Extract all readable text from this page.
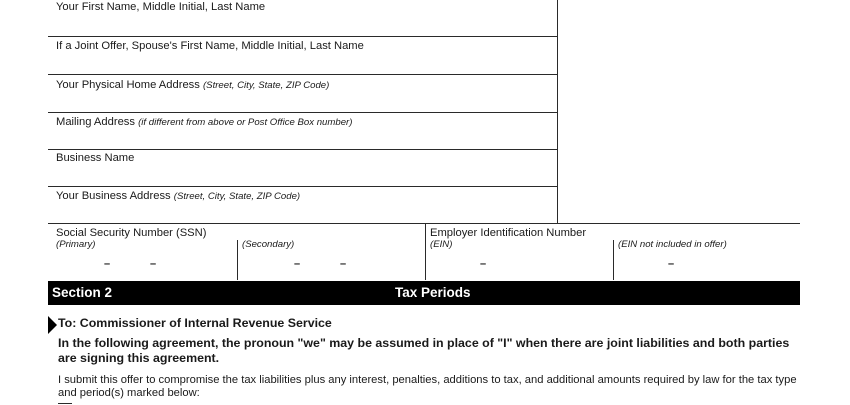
Your First Name, Middle Initial, Last Name
If a Joint Offer, Spouse's First Name, Middle Initial, Last Name
Your Physical Home Address (Street, City, State, ZIP Code)
Mailing Address (if different from above or Post Office Box number)
Business Name
Your Business Address (Street, City, State, ZIP Code)
Social Security Number (SSN)
(Primary)
–	–
(Secondary)
–	–
Employer Identification Number
(EIN)
–
(EIN not included in offer)
–
Section 2	Tax Periods
To: Commissioner of Internal Revenue Service
In the following agreement, the pronoun "we" may be assumed in place of "I" when there are joint liabilities and both parties are signing this agreement.
I submit this offer to compromise the tax liabilities plus any interest, penalties, additions to tax, and additional amounts required by law for the tax type and period(s) marked below:
